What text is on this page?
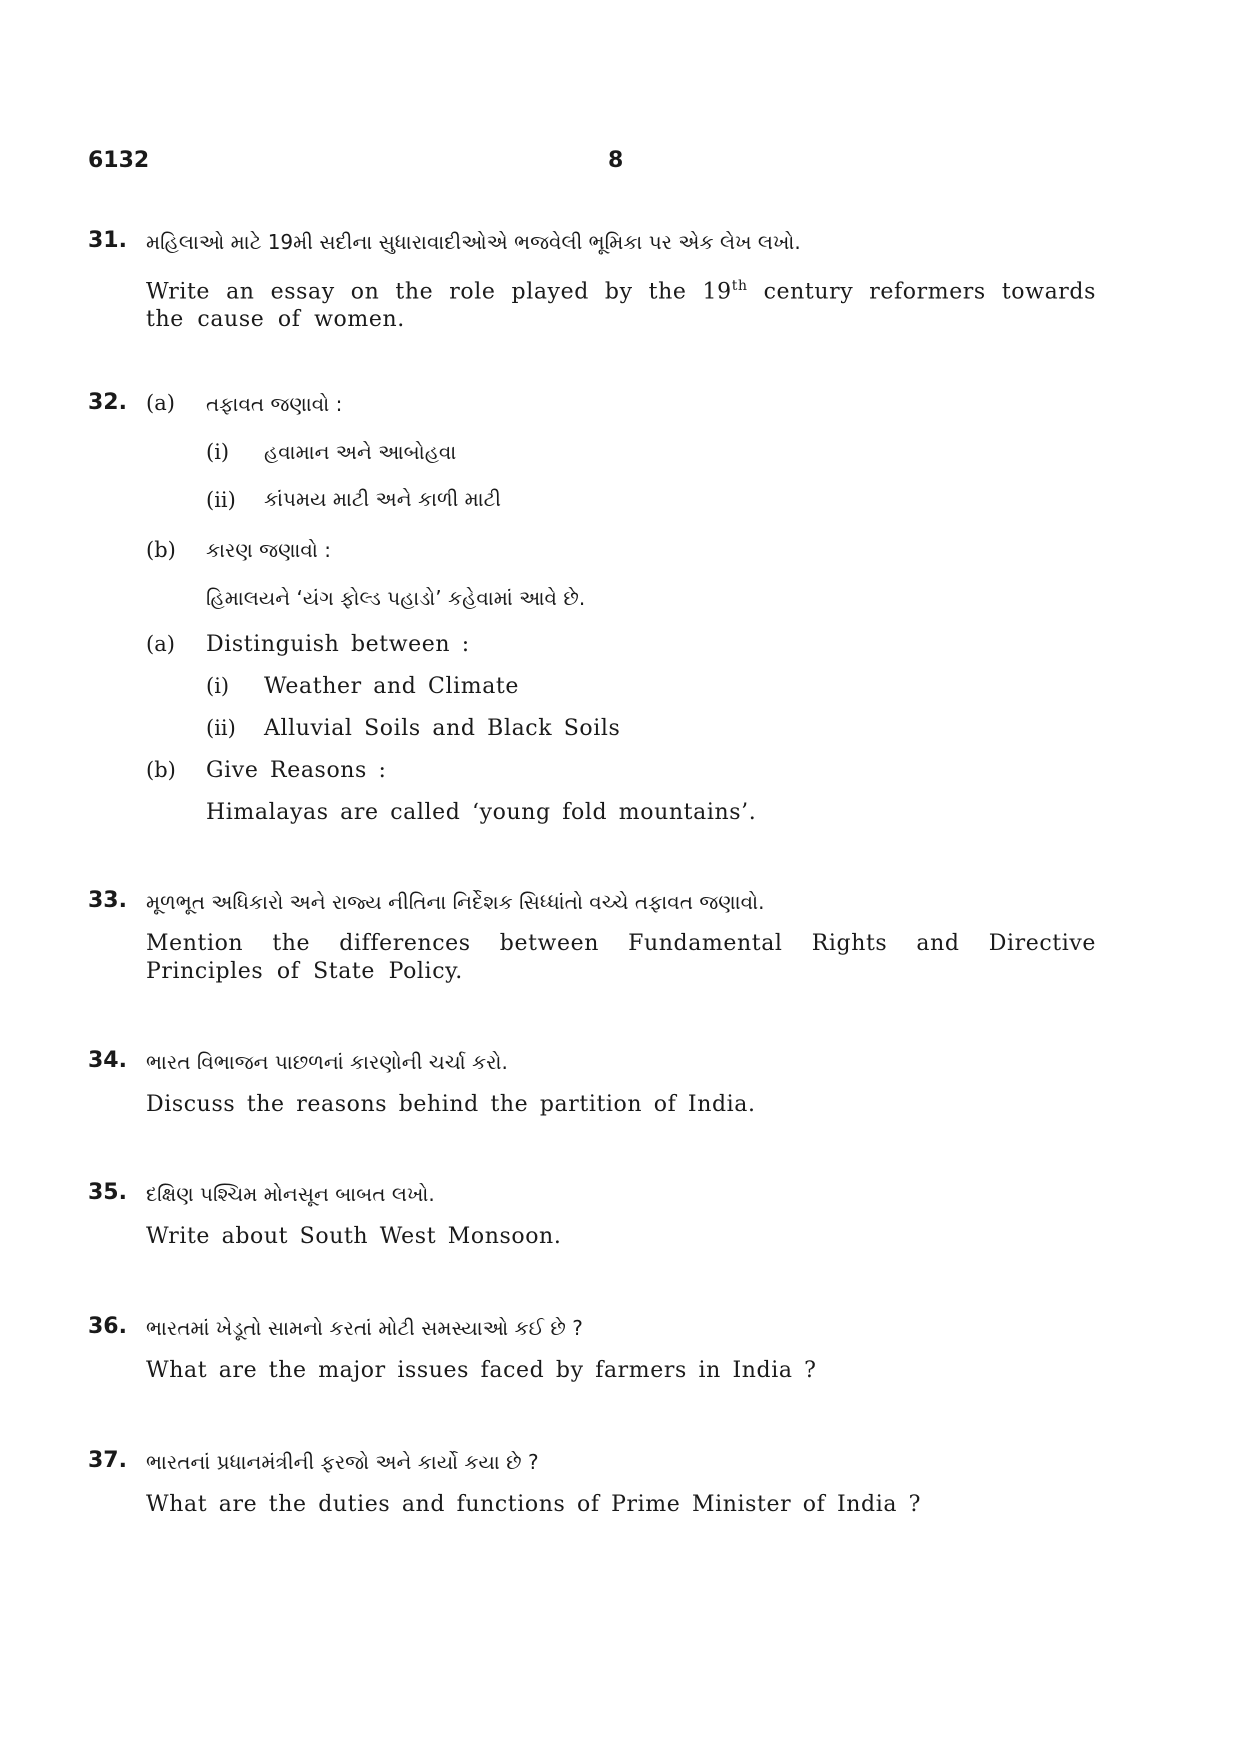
6132	8
31. મહિલાઓ માટે 19મી સદીના સુધારાવાદીઓએ ભજવેલી ભૂમિકા પર એક લેખ લખો.
Write an essay on the role played by the 19th century reformers towards the cause of women.
32. (a) તફાવત જણાવો :
(i) હવામાન અને આબોહવા
(ii) કાંપમય માટી અને કાળી માટી
(b) કારણ જણાવો :
હિમાલયને ‘યંગ ફોલ્ડ પહાડો’ કહેવામાં આવે છે.
(a) Distinguish between :
(i) Weather and Climate
(ii) Alluvial Soils and Black Soils
(b) Give Reasons :
Himalayas are called ‘young fold mountains’.
33. મૂળભૂત અધિકારો અને રાજ્ય નીતિના નિર્દેશક સિધ્ધાંતો વચ્ચે તફાવત જણાવો.
Mention the differences between Fundamental Rights and Directive Principles of State Policy.
34. ભારત વિભાજન પાછળનાં કારણોની ચર્ચા કરો.
Discuss the reasons behind the partition of India.
35. દક્ષિણ પશ્ચિમ મોનસૂન બાબત લખો.
Write about South West Monsoon.
36. ભારતમાં ખેડૂતો સામનો કરતાં મોટી સમસ્યાઓ કઈ છે ?
What are the major issues faced by farmers in India ?
37. ભારતનાં પ્રધાનમંત્રીની ફરજો અને કાર્યો કયા છે ?
What are the duties and functions of Prime Minister of India ?
